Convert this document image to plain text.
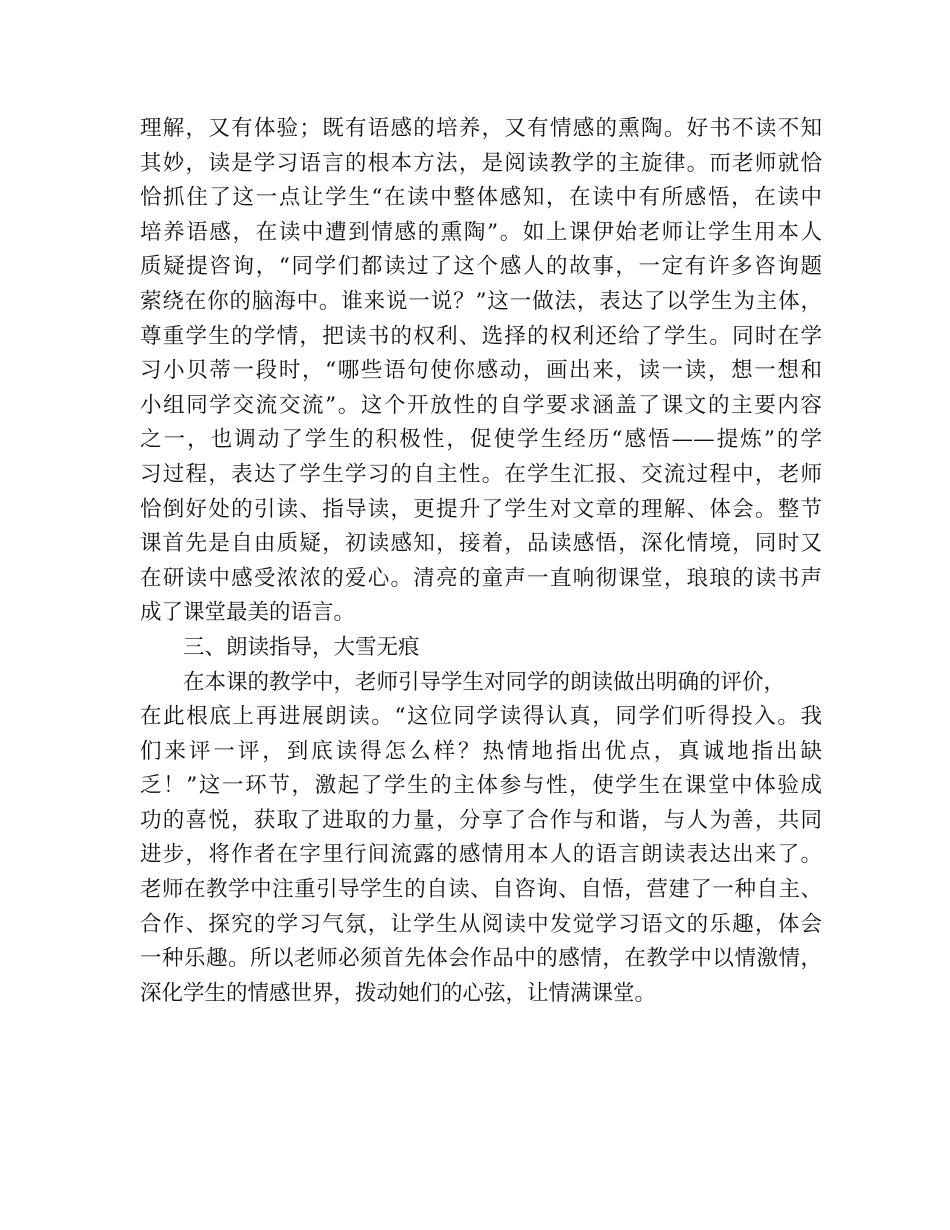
理解，又有体验；既有语感的培养，又有情感的熏陶。好书不读不知
其妙，读是学习语言的根本方法，是阅读教学的主旋律。而老师就恰
恰抓住了这一点让学生“在读中整体感知，在读中有所感悟，在读中
培养语感，在读中遭到情感的熏陶”。如上课伊始老师让学生用本人
质疑提咨询，“同学们都读过了这个感人的故事，一定有许多咨询题
萦绕在你的脑海中。谁来说一说？”这一做法，表达了以学生为主体，
尊重学生的学情，把读书的权利、选择的权利还给了学生。同时在学
习小贝蒂一段时，“哪些语句使你感动，画出来，读一读，想一想和
小组同学交流交流”。这个开放性的自学要求涵盖了课文的主要内容
之一，也调动了学生的积极性，促使学生经历“感悟——提炼”的学
习过程，表达了学生学习的自主性。在学生汇报、交流过程中，老师
恰倒好处的引读、指导读，更提升了学生对文章的理解、体会。整节
课首先是自由质疑，初读感知，接着，品读感悟，深化情境，同时又
在研读中感受浓浓的爱心。清亮的童声一直响彻课堂，琅琅的读书声
成了课堂最美的语言。
三、朗读指导，大雪无痕
在本课的教学中，老师引导学生对同学的朗读做出明确的评价，
在此根底上再进展朗读。“这位同学读得认真，同学们听得投入。我
们来评一评，到底读得怎么样？热情地指出优点，真诚地指出缺
乏！”这一环节，激起了学生的主体参与性，使学生在课堂中体验成
功的喜悦，获取了进取的力量，分享了合作与和谐，与人为善，共同
进步，将作者在字里行间流露的感情用本人的语言朗读表达出来了。
老师在教学中注重引导学生的自读、自咨询、自悟，营建了一种自主、
合作、探究的学习气氛，让学生从阅读中发觉学习语文的乐趣，体会
一种乐趣。所以老师必须首先体会作品中的感情，在教学中以情激情，
深化学生的情感世界，拨动她们的心弦，让情满课堂。
